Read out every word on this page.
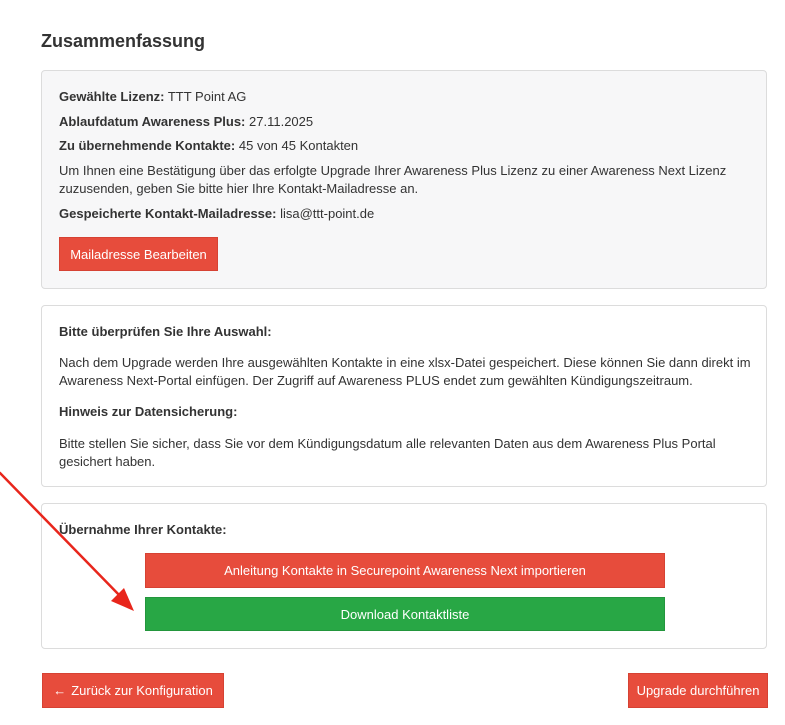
Zusammenfassung

Gewählte Lizenz: TTT Point AG

Ablaufdatum Awareness Plus: 27.11.2025

Zu übernehmende Kontakte: 45 von 45 Kontakten

Um Ihnen eine Bestätigung über das erfolgte Upgrade Ihrer Awareness Plus Lizenz zu einer Awareness Next Lizenz
zuzusenden, geben Sie bitte hier Ihre Kontakt-Mailadresse an.

Gespeicherte Kontakt-Mailadresse: lisa@ttt-point.de

Mailadresse Bearbeiten

Bitte überprüfen Sie Ihre Auswahl:

Nach dem Upgrade werden Ihre ausgewählten Kontakte in eine xlsx-Datei gespeichert. Diese können Sie dann direkt im
Awareness Next-Portal einfügen. Der Zugriff auf Awareness PLUS endet zum gewählten Kündigungszeitraum.

Hinweis zur Datensicherung:

Bitte stellen Sie sicher, dass Sie vor dem Kündigungsdatum alle relevanten Daten aus dem Awareness Plus Portal
gesichert haben.

Übernahme Ihrer Kontakte:

Anleitung Kontakte in Securepoint Awareness Next importieren
Download Kontaktliste
← Zurück zur Konfiguration	Upgrade durchführen
